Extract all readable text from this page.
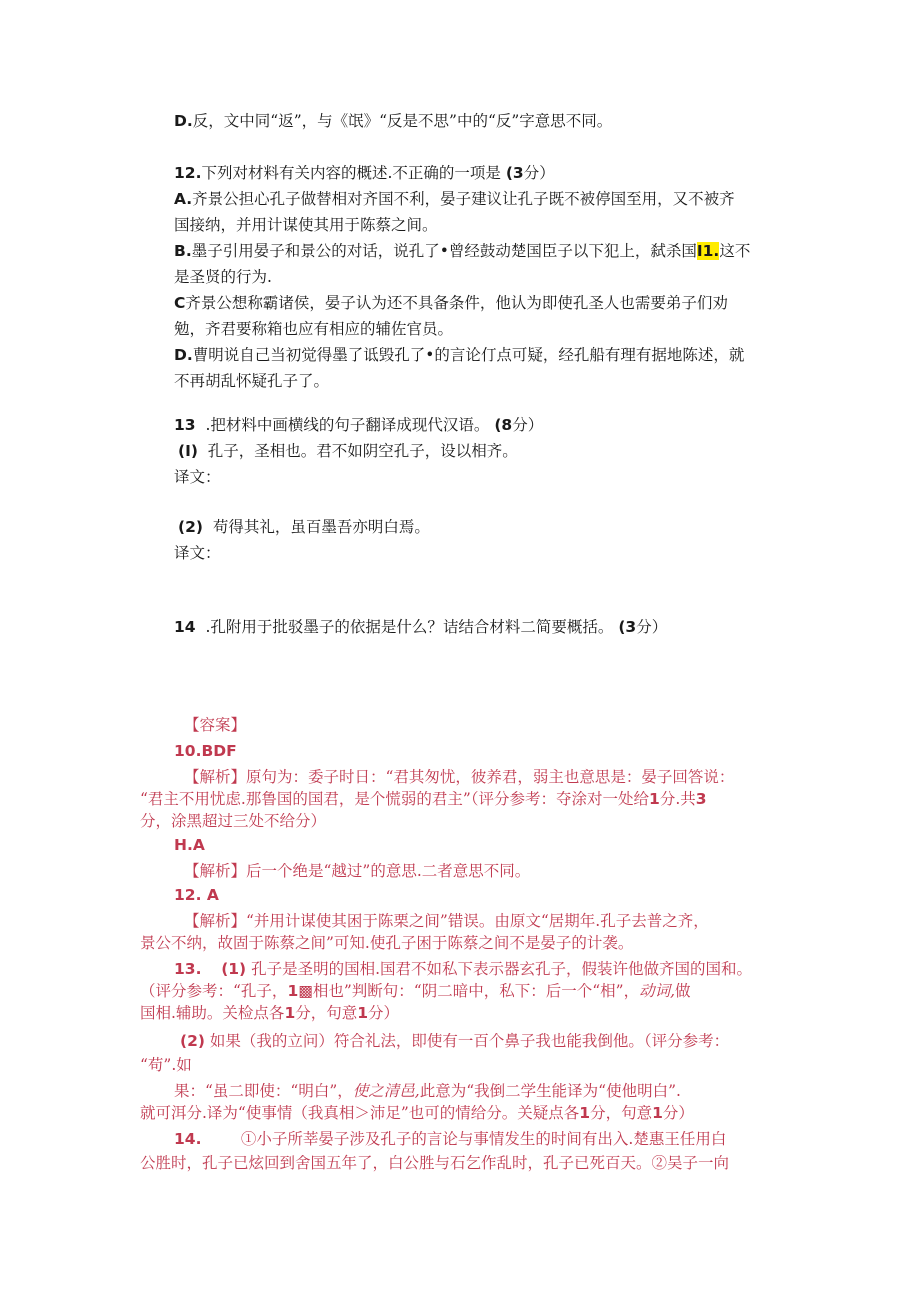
D.反，文中同“返”，与《氓》“反是不思”中的“反”字意思不同。
12.下列对材料有关内容的概述.不正确的一项是 (3分）
A.齐景公担心孔子做替相对齐国不利，晏子建议让孔子既不被停国至用，又不被齐
国接纳，并用计谋使其用于陈蔡之间。
B.墨子引用晏子和景公的对话，说孔了•曾经鼓动楚国臣子以下犯上，弑杀国I1.这不
是圣贤的行为.
C齐景公想称霸诸侯，晏子认为还不具备条件，他认为即使孔圣人也需要弟子们劝
勉，齐君要称箱也应有相应的辅佐官员。
D.曹明说自己当初觉得墨了诋毁孔了•的言论仃点可疑，经孔船有理有据地陈述，就
不再胡乱怀疑孔子了。
13 .把材料中画横线的句子翻译成现代汉语。 (8分）
(I) 孔子，圣相也。君不如阴空孔子，设以相齐。
译文：
(2) 苟得其礼，虽百墨吾亦明白焉。
译文：
14 .孔附用于批驳墨子的依据是什么？诘结合材料二简要概括。 (3分）
【容案】
10.BDF
【解析】原句为：委子时日：“君其匆忧，彼养君，弱主也意思是：晏子回答说：
“君主不用忧虑.那鲁国的国君，是个慌弱的君主”（评分参考：夺涂对一处给1分.共3
分，涂黑超过三处不给分）
H.A
【解析】后一个绝是“越过”的意思.二者意思不同。
12. A
【解析】“并用计谋使其困于陈栗之间”错误。由原文“居期年.孔子去普之齐，
景公不纳，故固于陈蔡之间”可知.使孔子困于陈蔡之间不是晏子的计袭。
13. (1) 孔子是圣明的国相.国君不如私下表示器玄孔子，假装许他做齐国的国和。
（评分参考：“孔子，1▩相也”判断句：“阴二暗中，私下：后一个“相”，动词,做
国相.辅助。关检点各1分，句意1分）
(2) 如果（我的立问）符合礼法，即使有一百个鼻子我也能我倒他。（评分参考：
“苟”.如
果：“虽二即使：“明白”，使之清邑,此意为“我倒二学生能译为“使他明白”.
就可洱分.译为“使事情（我真相＞沛足”也可的情给分。关疑点各1分，句意1分）
14.	①小子所莘晏子涉及孔子的言论与事情发生的时间有出入.楚惠王任用白
公胜时，孔子已炫回到舍国五年了，白公胜与石乞作乱时，孔子已死百天。②吴子一向
